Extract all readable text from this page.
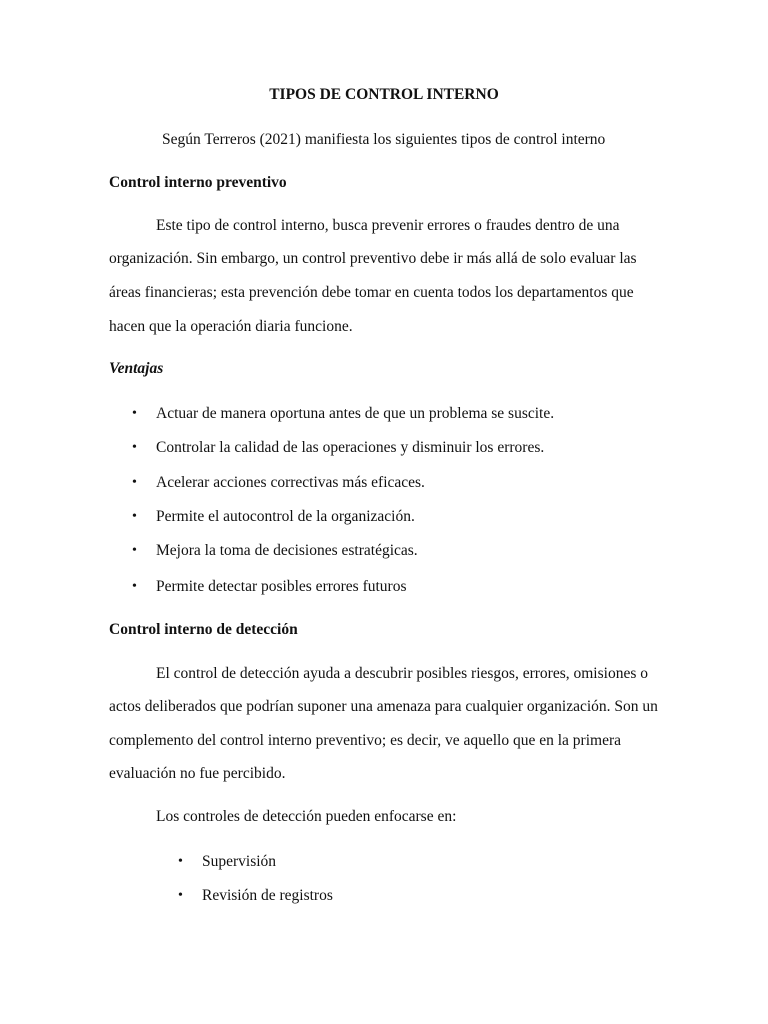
TIPOS DE CONTROL INTERNO
Según Terreros (2021) manifiesta los siguientes tipos de control interno
Control interno preventivo
Este tipo de control interno, busca prevenir errores o fraudes dentro de una
organización. Sin embargo, un control preventivo debe ir más allá de solo evaluar las
áreas financieras; esta prevención debe tomar en cuenta todos los departamentos que
hacen que la operación diaria funcione.
Ventajas
• Actuar de manera oportuna antes de que un problema se suscite.
• Controlar la calidad de las operaciones y disminuir los errores.
• Acelerar acciones correctivas más eficaces.
• Permite el autocontrol de la organización.
• Mejora la toma de decisiones estratégicas.
• Permite detectar posibles errores futuros
Control interno de detección
El control de detección ayuda a descubrir posibles riesgos, errores, omisiones o
actos deliberados que podrían suponer una amenaza para cualquier organización. Son un
complemento del control interno preventivo; es decir, ve aquello que en la primera
evaluación no fue percibido.
Los controles de detección pueden enfocarse en:
• Supervisión
• Revisión de registros
